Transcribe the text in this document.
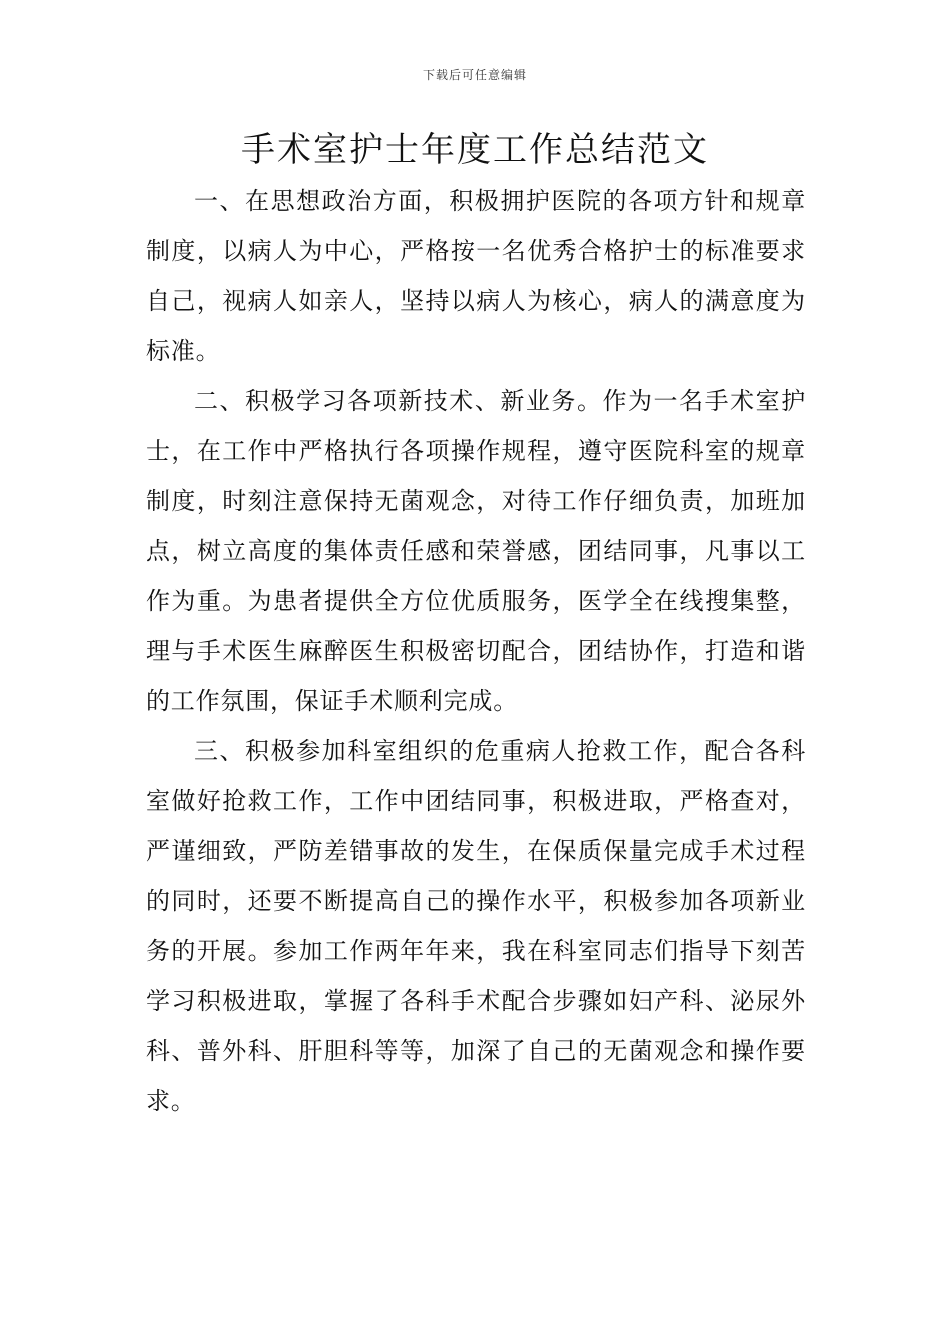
下载后可任意编辑
手术室护士年度工作总结范文

一、在思想政治方面，积极拥护医院的各项方针和规章制度，以病人为中心，严格按一名优秀合格护士的标准要求自己，视病人如亲人，坚持以病人为核心，病人的满意度为标准。

二、积极学习各项新技术、新业务。作为一名手术室护士，在工作中严格执行各项操作规程，遵守医院科室的规章制度，时刻注意保持无菌观念，对待工作仔细负责，加班加点，树立高度的集体责任感和荣誉感，团结同事，凡事以工作为重。为患者提供全方位优质服务，医学全在线搜集整，理与手术医生麻醉医生积极密切配合，团结协作，打造和谐的工作氛围，保证手术顺利完成。

三、积极参加科室组织的危重病人抢救工作，配合各科室做好抢救工作，工作中团结同事，积极进取，严格查对，严谨细致，严防差错事故的发生，在保质保量完成手术过程的同时，还要不断提高自己的操作水平，积极参加各项新业务的开展。参加工作两年年来，我在科室同志们指导下刻苦学习积极进取，掌握了各科手术配合步骤如妇产科、泌尿外科、普外科、肝胆科等等，加深了自己的无菌观念和操作要求。
